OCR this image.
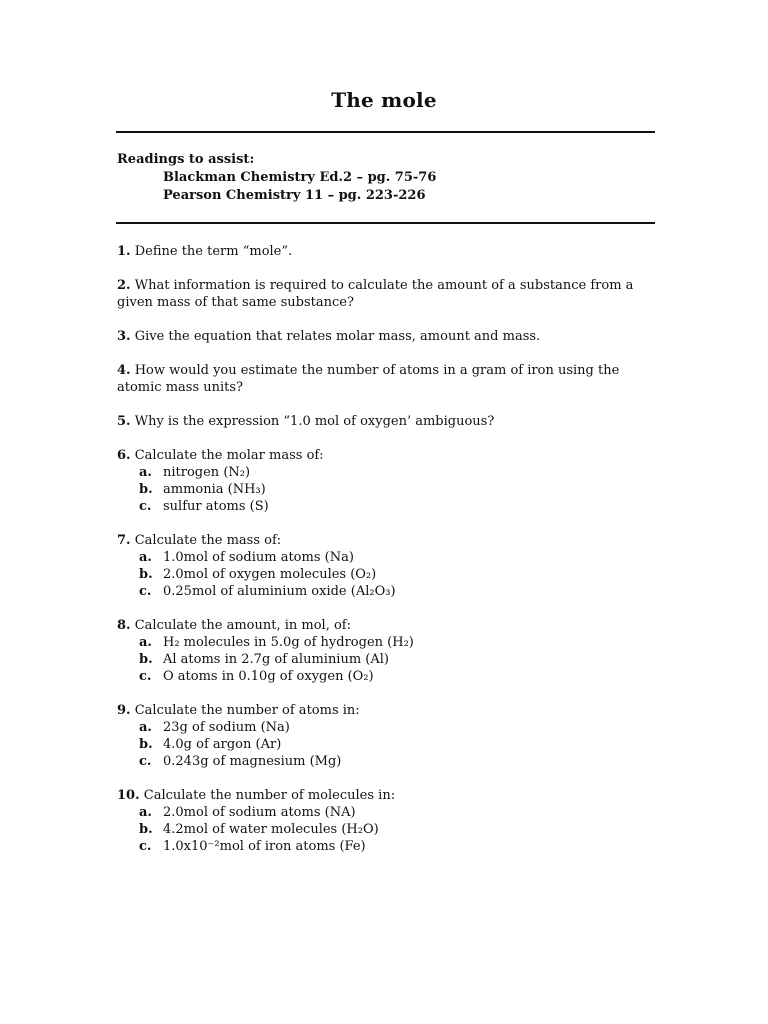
The mole
Readings to assist:
Blackman Chemistry Ed.2 – pg. 75-76
Pearson Chemistry 11 – pg. 223-226
1. Define the term “mole”.
2. What information is required to calculate the amount of a substance from a given mass of that same substance?
3. Give the equation that relates molar mass, amount and mass.
4. How would you estimate the number of atoms in a gram of iron using the atomic mass units?
5. Why is the expression “1.0 mol of oxygen’ ambiguous?
6. Calculate the molar mass of:
a. nitrogen (N₂)
b. ammonia (NH₃)
c. sulfur atoms (S)
7. Calculate the mass of:
a. 1.0mol of sodium atoms (Na)
b. 2.0mol of oxygen molecules (O₂)
c. 0.25mol of aluminium oxide (Al₂O₃)
8. Calculate the amount, in mol, of:
a. H₂ molecules in 5.0g of hydrogen (H₂)
b. Al atoms in 2.7g of aluminium (Al)
c. O atoms in 0.10g of oxygen (O₂)
9. Calculate the number of atoms in:
a. 23g of sodium (Na)
b. 4.0g of argon (Ar)
c. 0.243g of magnesium (Mg)
10. Calculate the number of molecules in:
a. 2.0mol of sodium atoms (NA)
b. 4.2mol of water molecules (H₂O)
c. 1.0x10⁻²mol of iron atoms (Fe)
